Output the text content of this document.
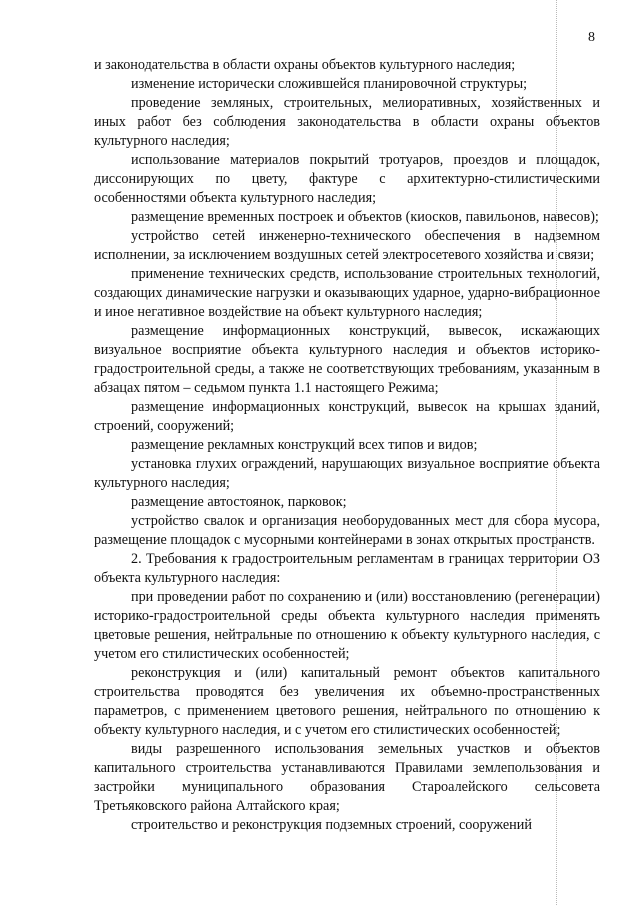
8

и законодательства в области охраны объектов культурного наследия;

изменение исторически сложившейся планировочной структуры;

проведение земляных, строительных, мелиоративных, хозяйственных и иных работ без соблюдения законодательства в области охраны объектов культурного наследия;

использование материалов покрытий тротуаров, проездов и площадок, диссонирующих по цвету, фактуре с архитектурно-стилистическими особенностями объекта культурного наследия;

размещение временных построек и объектов (киосков, павильонов, навесов);

устройство сетей инженерно-технического обеспечения в надземном исполнении, за исключением воздушных сетей электросетевого хозяйства и связи;

применение технических средств, использование строительных технологий, создающих динамические нагрузки и оказывающих ударное, ударно-вибрационное и иное негативное воздействие на объект культурного наследия;

размещение информационных конструкций, вывесок, искажающих визуальное восприятие объекта культурного наследия и объектов историко-градостроительной среды, а также не соответствующих требованиям, указанным в абзацах пятом – седьмом пункта 1.1 настоящего Режима;

размещение информационных конструкций, вывесок на крышах зданий, строений, сооружений;

размещение рекламных конструкций всех типов и видов;

установка глухих ограждений, нарушающих визуальное восприятие объекта культурного наследия;

размещение автостоянок, парковок;

устройство свалок и организация необорудованных мест для сбора мусора, размещение площадок с мусорными контейнерами в зонах открытых пространств.

2. Требования к градостроительным регламентам в границах территории ОЗ объекта культурного наследия:

при проведении работ по сохранению и (или) восстановлению (регенерации) историко-градостроительной среды объекта культурного наследия применять цветовые решения, нейтральные по отношению к объекту культурного наследия, с учетом его стилистических особенностей;

реконструкция и (или) капитальный ремонт объектов капитального строительства проводятся без увеличения их объемно-пространственных параметров, с применением цветового решения, нейтрального по отношению к объекту культурного наследия, и с учетом его стилистических особенностей;

виды разрешенного использования земельных участков и объектов капитального строительства устанавливаются Правилами землепользования и застройки муниципального образования Староалейского сельсовета Третьяковского района Алтайского края;

строительство и реконструкция подземных строений, сооружений
